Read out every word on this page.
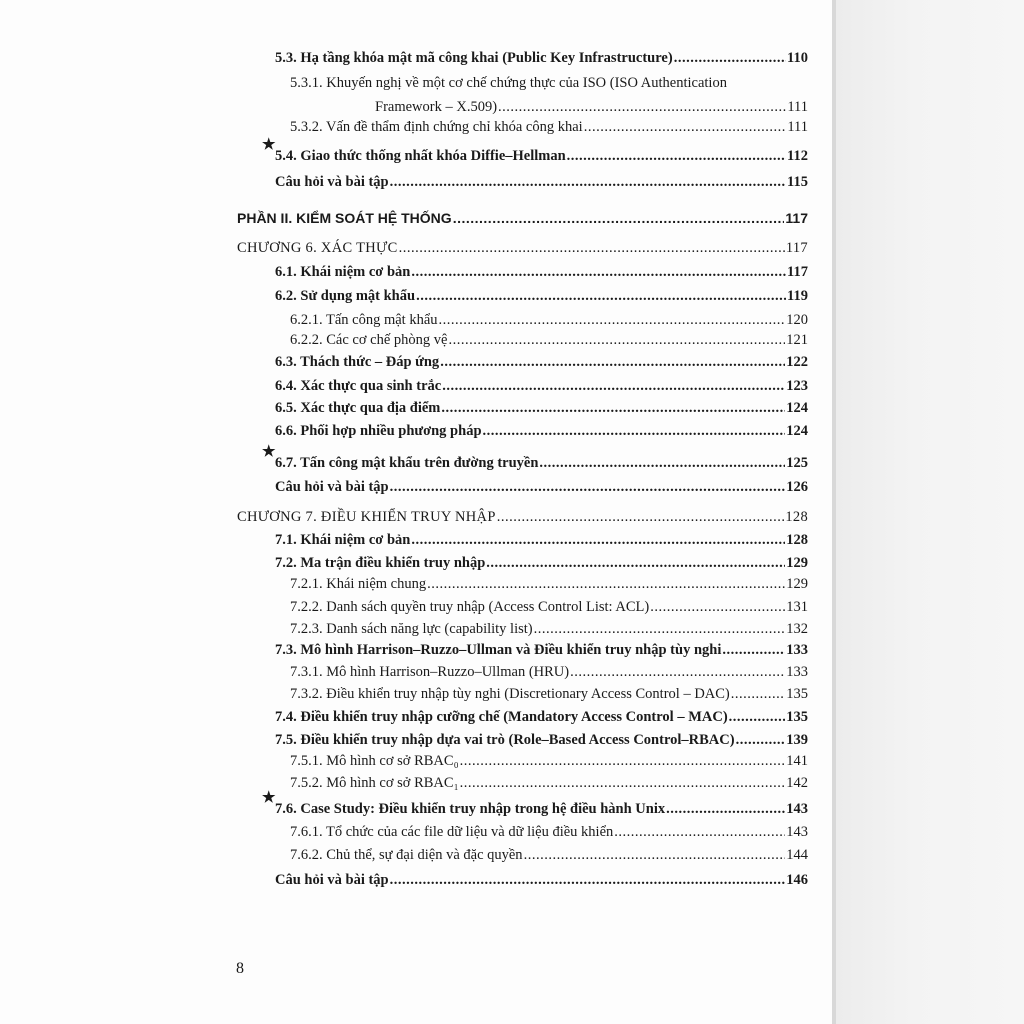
5.3. Hạ tầng khóa mật mã công khai (Public Key Infrastructure) .....	110
5.3.1. Khuyến nghị về một cơ chế chứng thực của ISO (ISO Authentication
Framework – X.509) .....	111
5.3.2. Vấn đề thẩm định chứng chỉ khóa công khai .....	111
★
5.4. Giao thức thống nhất khóa Diffie–Hellman .....	112
Câu hỏi và bài tập .....	115
PHẦN II. KIỂM SOÁT HỆ THỐNG .....	117
CHƯƠNG 6. XÁC THỰC .....	117
6.1. Khái niệm cơ bản .....	117
6.2. Sử dụng mật khẩu .....	119
6.2.1. Tấn công mật khẩu .....	120
6.2.2. Các cơ chế phòng vệ .....	121
6.3. Thách thức – Đáp ứng .....	122
6.4. Xác thực qua sinh trắc .....	123
6.5. Xác thực qua địa điểm .....	124
6.6. Phối hợp nhiều phương pháp .....	124
★
6.7. Tấn công mật khẩu trên đường truyền .....	125
Câu hỏi và bài tập .....	126
CHƯƠNG 7. ĐIỀU KHIỂN TRUY NHẬP .....	128
7.1. Khái niệm cơ bản .....	128
7.2. Ma trận điều khiển truy nhập .....	129
7.2.1. Khái niệm chung .....	129
7.2.2. Danh sách quyền truy nhập (Access Control List: ACL) .....	131
7.2.3. Danh sách năng lực (capability list) .....	132
7.3. Mô hình Harrison–Ruzzo–Ullman và Điều khiển truy nhập tùy nghi .....	133
7.3.1. Mô hình Harrison–Ruzzo–Ullman (HRU) .....	133
7.3.2. Điều khiển truy nhập tùy nghi (Discretionary Access Control – DAC) .....	135
7.4. Điều khiển truy nhập cưỡng chế (Mandatory Access Control – MAC) .....	135
7.5. Điều khiển truy nhập dựa vai trò (Role–Based Access Control–RBAC) .....	139
7.5.1. Mô hình cơ sở RBAC₀ .....	141
7.5.2. Mô hình cơ sở RBAC₁ .....	142
★
7.6. Case Study: Điều khiển truy nhập trong hệ điều hành Unix .....	143
7.6.1. Tổ chức của các file dữ liệu và dữ liệu điều khiển .....	143
7.6.2. Chủ thể, sự đại diện và đặc quyền .....	144
Câu hỏi và bài tập .....	146
8
